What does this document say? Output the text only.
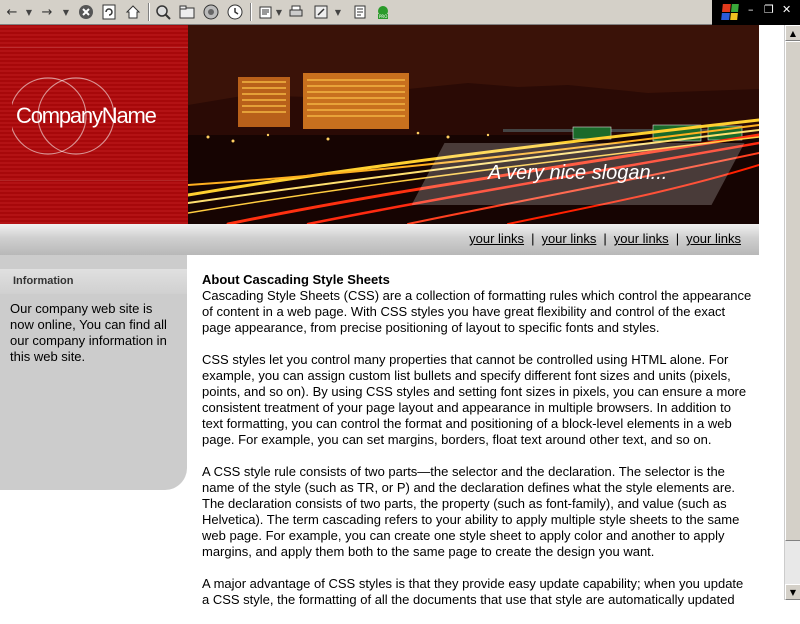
←	▼ →	▼	▼	▼	PRO
– ❐ ✕
CompanyName
A very nice slogan...
your links | your links | your links | your links
Information
Our company web site is now online, You can find all our company information in this web site.
About Cascading Style Sheets

Cascading Style Sheets (CSS) are a collection of formatting rules which control the appearance of content in a web page. With CSS styles you have great flexibility and control of the exact page appearance, from precise positioning of layout to specific fonts and styles.

CSS styles let you control many properties that cannot be controlled using HTML alone. For example, you can assign custom list bullets and specify different font sizes and units (pixels, points, and so on). By using CSS styles and setting font sizes in pixels, you can ensure a more consistent treatment of your page layout and appearance in multiple browsers. In addition to text formatting, you can control the format and positioning of a block-level elements in a web page. For example, you can set margins, borders, float text around other text, and so on.

A CSS style rule consists of two parts—the selector and the declaration. The selector is the name of the style (such as TR, or P) and the declaration defines what the style elements are. The declaration consists of two parts, the property (such as font-family), and value (such as Helvetica). The term cascading refers to your ability to apply multiple style sheets to the same web page. For example, you can create one style sheet to apply color and another to apply margins, and apply them both to the same page to create the design you want.

A major advantage of CSS styles is that they provide easy update capability; when you update a CSS style, the formatting of all the documents that use that style are automatically updated

▲
▼
